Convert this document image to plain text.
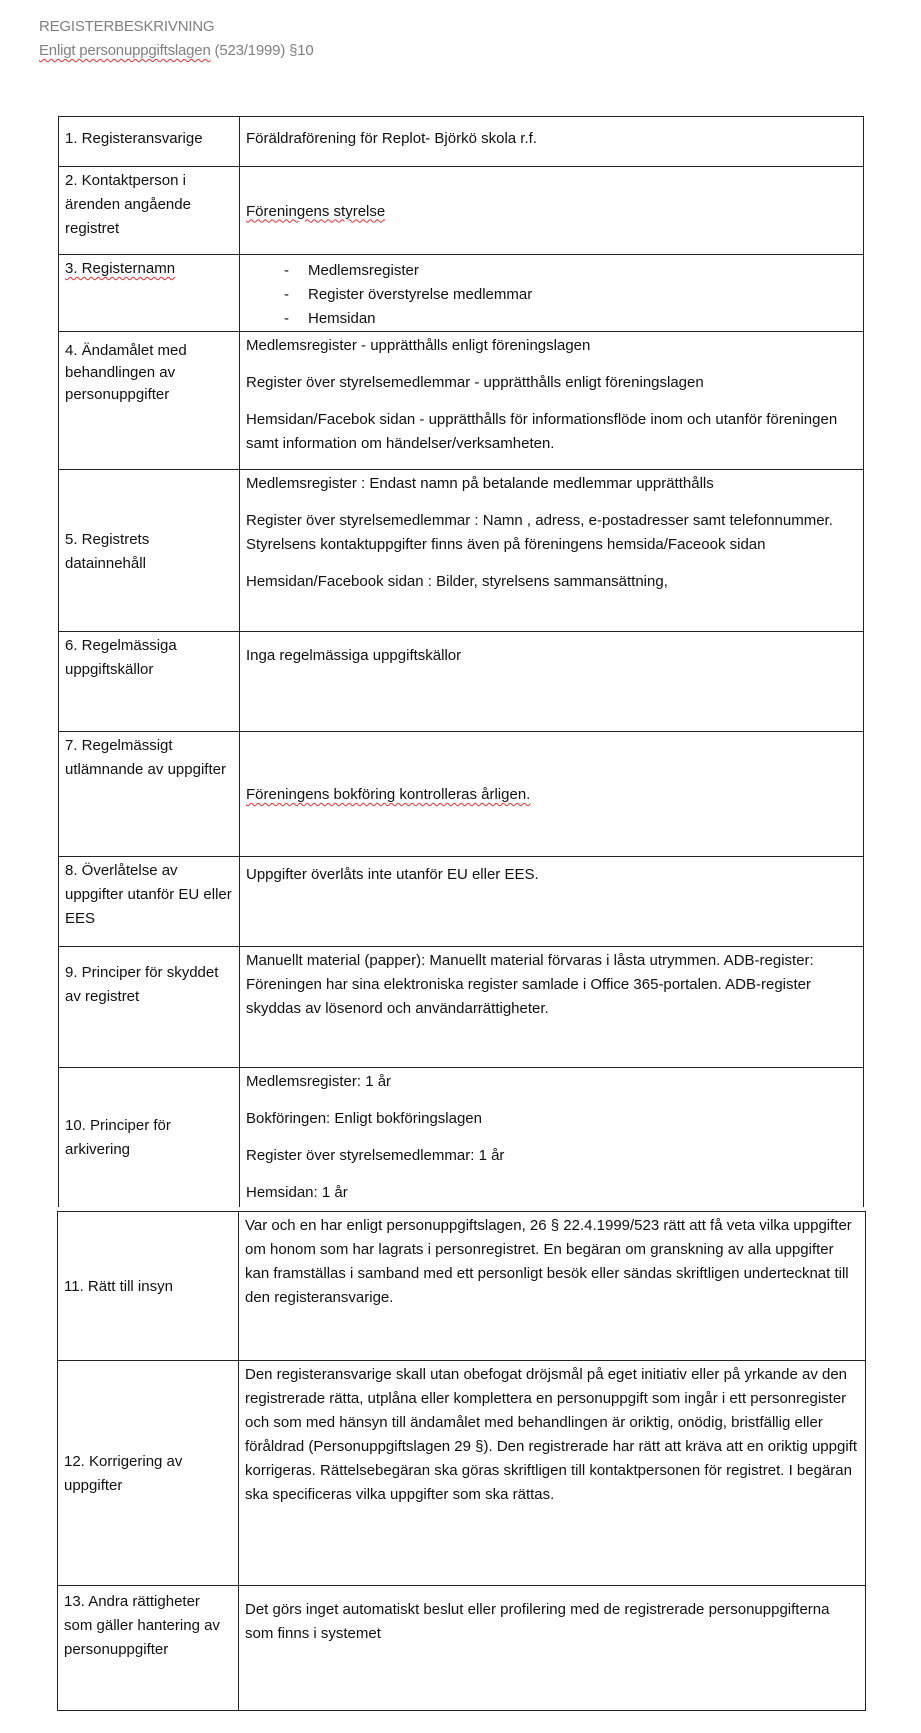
REGISTERBESKRIVNING
Enligt personuppgiftslagen (523/1999) §10
1. Registeransvarige	Föräldraförening för Replot- Björkö skola r.f.
2. Kontaktperson i ärenden angående registret	Föreningens styrelse
3. Registernamn	
-Medlemsregister
- Register överstyrelse medlemmar
- Hemsidan

4. Ändamålet med behandlingen av personuppgifter	Medlemsregister - upprätthålls enligt föreningslagen

Register över styrelsemedlemmar - upprätthålls enligt föreningslagen

Hemsidan/Facebok sidan - upprätthålls för informationsflöde inom och utanför föreningen samt information om händelser/verksamheten.

5. Registrets datainnehåll	Medlemsregister : Endast namn på betalande medlemmar upprätthålls

Register över styrelsemedlemmar : Namn , adress, e-postadresser samt telefonnummer. Styrelsens kontaktuppgifter finns även på föreningens hemsida/Faceook sidan

Hemsidan/Facebook sidan : Bilder, styrelsens sammansättning,

6. Regelmässiga uppgiftskällor	Inga regelmässiga uppgiftskällor
7. Regelmässigt utlämnande av uppgifter	Föreningens bokföring kontrolleras årligen.
8. Överlåtelse av uppgifter utanför EU eller EES	Uppgifter överlåts inte utanför EU eller EES.
9. Principer för skyddet av registret	Manuellt material (papper): Manuellt material förvaras i låsta utrymmen. ADB-register: Föreningen har sina elektroniska register samlade i Office 365-portalen. ADB-register skyddas av lösenord och användarrättigheter.
10. Principer för arkivering	Medlemsregister: 1 år

Bokföringen: Enligt bokföringslagen

Register över styrelsemedlemmar: 1 år

Hemsidan: 1 år

11. Rätt till insyn	Var och en har enligt personuppgiftslagen, 26 § 22.4.1999/523 rätt att få veta vilka uppgifter om honom som har lagrats i personregistret. En begäran om granskning av alla uppgifter kan framställas i samband med ett personligt besök eller sändas skriftligen undertecknat till den registeransvarige.
12. Korrigering av uppgifter	Den registeransvarige skall utan obefogat dröjsmål på eget initiativ eller på yrkande av den registrerade rätta, utplåna eller komplettera en personuppgift som ingår i ett personregister och som med hänsyn till ändamålet med behandlingen är oriktig, onödig, bristfällig eller föråldrad (Personuppgiftslagen 29 §). Den registrerade har rätt att kräva att en oriktig uppgift korrigeras. Rättelsebegäran ska göras skriftligen till kontaktpersonen för registret. I begäran ska specificeras vilka uppgifter som ska rättas.
13. Andra rättigheter som gäller hantering av personuppgifter	Det görs inget automatiskt beslut eller profilering med de registrerade personuppgifterna som finns i systemet
